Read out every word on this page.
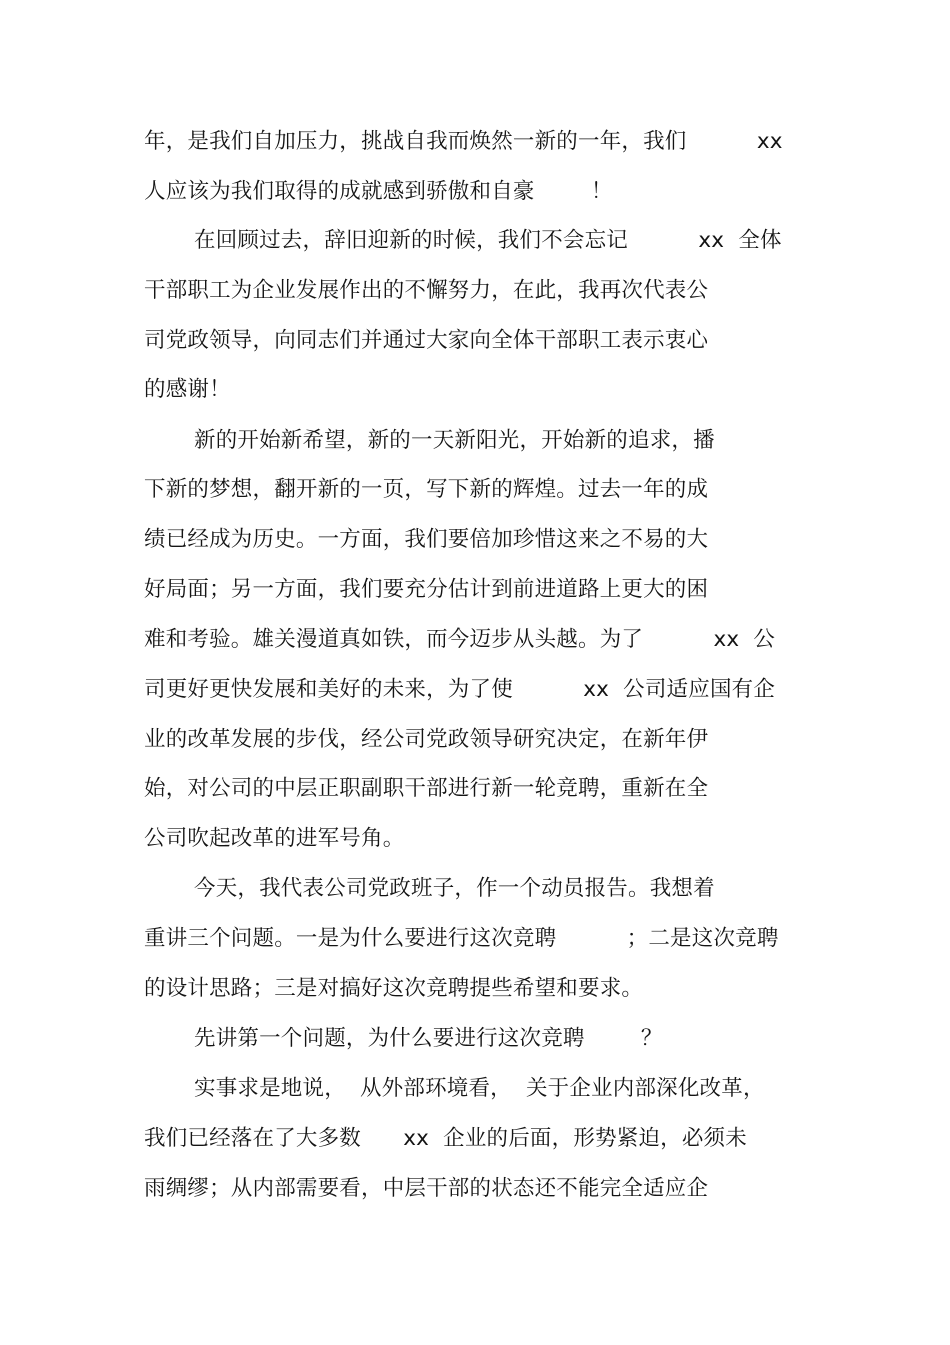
年，是我们自加压力，挑战自我而焕然一新的一年，我们          xx
人应该为我们取得的成就感到骄傲和自豪        ！
在回顾过去，辞旧迎新的时候，我们不会忘记          xx  全体
干部职工为企业发展作出的不懈努力，在此，我再次代表公
司党政领导，向同志们并通过大家向全体干部职工表示衷心
的感谢！
新的开始新希望，新的一天新阳光，开始新的追求，播
下新的梦想，翻开新的一页，写下新的辉煌。过去一年的成
绩已经成为历史。一方面，我们要倍加珍惜这来之不易的大
好局面；另一方面，我们要充分估计到前进道路上更大的困
难和考验。雄关漫道真如铁，而今迈步从头越。为了          xx  公
司更好更快发展和美好的未来，为了使          xx  公司适应国有企
业的改革发展的步伐，经公司党政领导研究决定，在新年伊
始，对公司的中层正职副职干部进行新一轮竞聘，重新在全
公司吹起改革的进军号角。
今天，我代表公司党政班子，作一个动员报告。我想着
重讲三个问题。一是为什么要进行这次竞聘          ；二是这次竞聘
的设计思路；三是对搞好这次竞聘提些希望和要求。
先讲第一个问题，为什么要进行这次竞聘        ？
实事求是地说，  从外部环境看，  关于企业内部深化改革，
我们已经落在了大多数      xx  企业的后面，形势紧迫，必须未
雨绸缪；从内部需要看，中层干部的状态还不能完全适应企
